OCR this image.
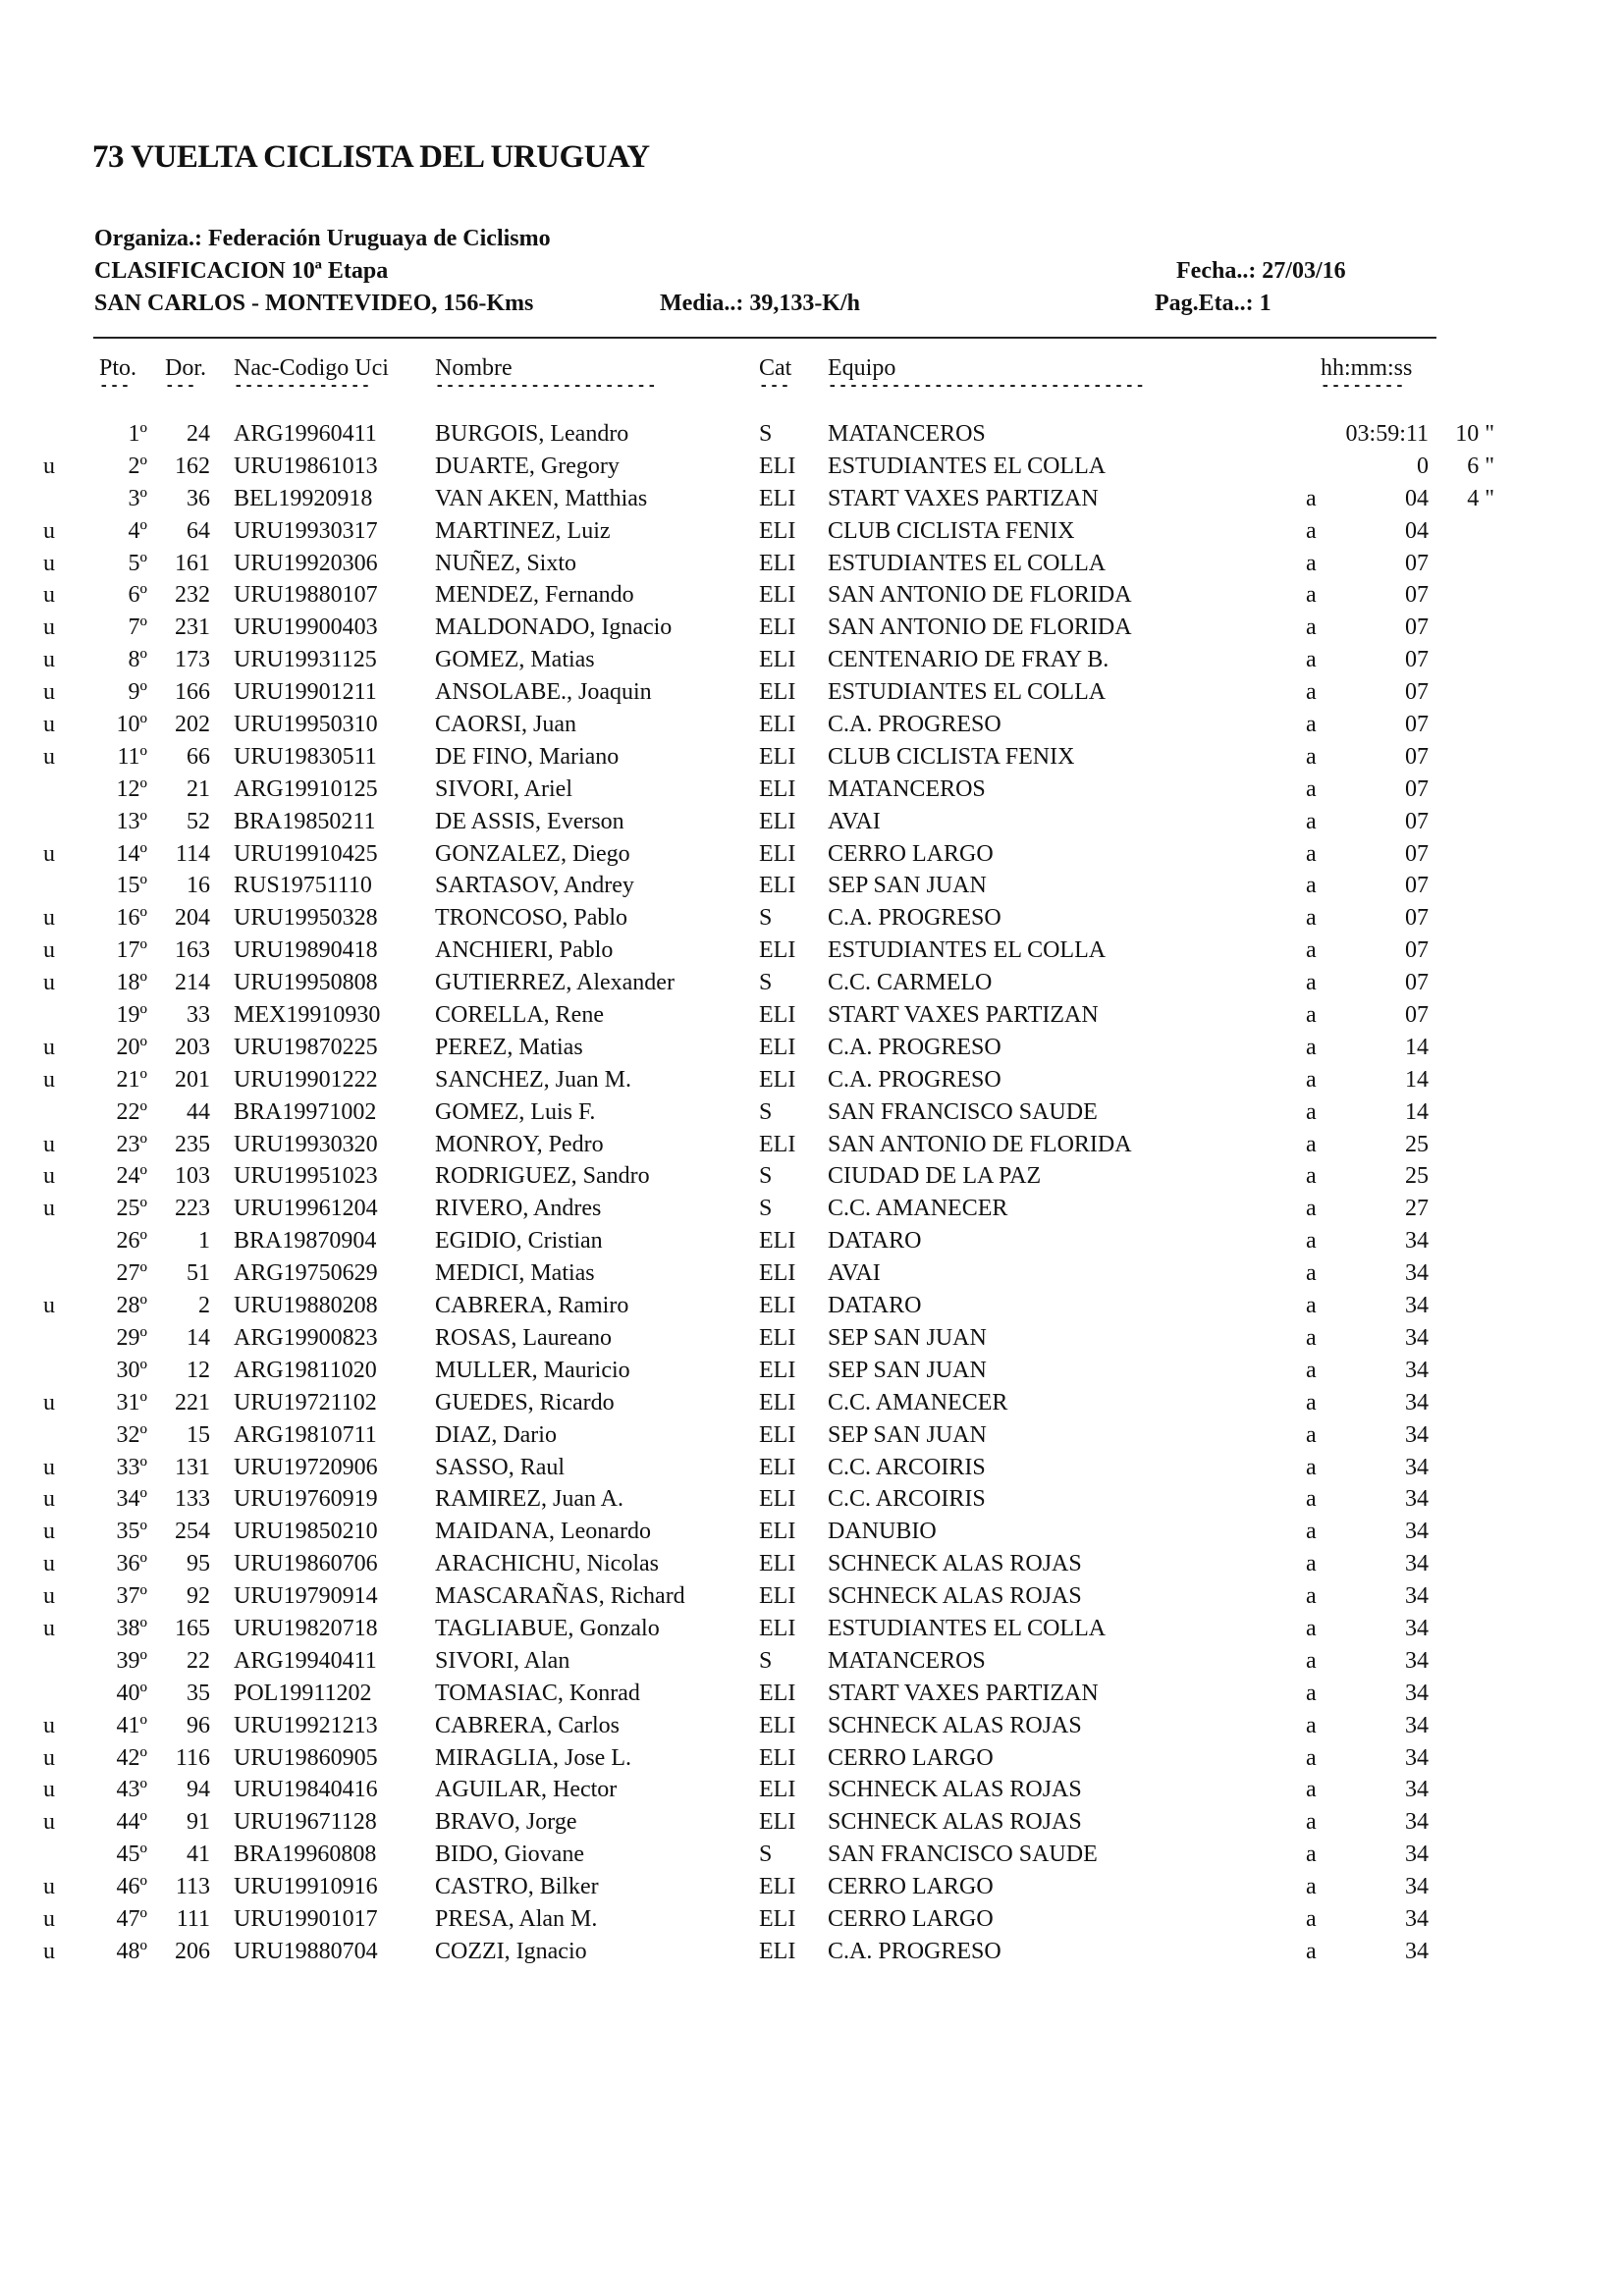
73 VUELTA CICLISTA DEL URUGUAY
Organiza.: Federación Uruguaya de Ciclismo
CLASIFICACION 10ª Etapa
SAN CARLOS - MONTEVIDEO, 156-Kms	Media..: 39,133-K/h
Fecha..: 27/03/16
Pag.Eta..: 1
Pto. Dor. Nac-Codigo Uci Nombre	Cat Equipo	hh:mm:ss
--- --- -------------	---------------------	--- ------------------------------	--------
1º 24 ARG19960411 BURGOIS, Leandro	S MATANCEROS	03:59:11 10 "
u	2º 162 URU19861013 DUARTE, Gregory	ELI ESTUDIANTES EL COLLA	0 6 "
3º 36 BEL19920918	VAN AKEN, Matthias	ELI START VAXES PARTIZAN	a	04 4 "
u	4º 64 URU19930317 MARTINEZ, Luiz	ELI CLUB CICLISTA FENIX	a	04
u	5º 161 URU19920306 NUÑEZ, Sixto	ELI ESTUDIANTES EL COLLA	a	07
u	6º 232 URU19880107 MENDEZ, Fernando	ELI SAN ANTONIO DE FLORIDA	a	07
u	7º 231 URU19900403 MALDONADO, Ignacio	ELI SAN ANTONIO DE FLORIDA	a	07
u	8º 173 URU19931125 GOMEZ, Matias	ELI CENTENARIO DE FRAY B.	a	07
u	9º 166 URU19901211 ANSOLABE., Joaquin	ELI ESTUDIANTES EL COLLA	a	07
u	10º 202 URU19950310 CAORSI, Juan	ELI C.A. PROGRESO	a	07
u	11º 66 URU19830511 DE FINO, Mariano	ELI CLUB CICLISTA FENIX	a	07
12º 21 ARG19910125 SIVORI, Ariel	ELI MATANCEROS	a	07
13º 52 BRA19850211	DE ASSIS, Everson	ELI AVAI	a	07
u	14º 114 URU19910425 GONZALEZ, Diego	ELI CERRO LARGO	a	07
15º 16 RUS19751110	SARTASOV, Andrey	ELI SEP SAN JUAN	a	07
u	16º 204 URU19950328 TRONCOSO, Pablo	S C.A. PROGRESO	a	07
u	17º 163 URU19890418 ANCHIERI, Pablo	ELI ESTUDIANTES EL COLLA	a	07
u	18º 214 URU19950808 GUTIERREZ, Alexander	S C.C. CARMELO	a	07
19º 33 MEX19910930 CORELLA, Rene	ELI START VAXES PARTIZAN	a	07
u	20º 203 URU19870225 PEREZ, Matias	ELI C.A. PROGRESO	a	14
u	21º 201 URU19901222 SANCHEZ, Juan M.	ELI C.A. PROGRESO	a	14
22º 44 BRA19971002 GOMEZ, Luis F.	S SAN FRANCISCO SAUDE	a	14
u	23º 235 URU19930320 MONROY, Pedro	ELI SAN ANTONIO DE FLORIDA	a	25
u	24º 103 URU19951023 RODRIGUEZ, Sandro	S CIUDAD DE LA PAZ	a	25
u	25º 223 URU19961204 RIVERO, Andres	S C.C. AMANECER	a	27
26º 1 BRA19870904 EGIDIO, Cristian	ELI DATARO	a	34
27º 51 ARG19750629 MEDICI, Matias	ELI AVAI	a	34
u	28º 2 URU19880208 CABRERA, Ramiro	ELI DATARO	a	34
29º 14 ARG19900823 ROSAS, Laureano	ELI SEP SAN JUAN	a	34
30º 12 ARG19811020 MULLER, Mauricio	ELI SEP SAN JUAN	a	34
u	31º 221 URU19721102 GUEDES, Ricardo	ELI C.C. AMANECER	a	34
32º 15 ARG19810711 DIAZ, Dario	ELI SEP SAN JUAN	a	34
u	33º 131 URU19720906 SASSO, Raul	ELI C.C. ARCOIRIS	a	34
u	34º 133 URU19760919 RAMIREZ, Juan A.	ELI C.C. ARCOIRIS	a	34
u	35º 254 URU19850210 MAIDANA, Leonardo	ELI DANUBIO	a	34
u	36º 95 URU19860706 ARACHICHU, Nicolas	ELI SCHNECK ALAS ROJAS	a	34
u	37º 92 URU19790914 MASCARAÑAS, Richard	ELI SCHNECK ALAS ROJAS	a	34
u	38º 165 URU19820718 TAGLIABUE, Gonzalo	ELI ESTUDIANTES EL COLLA	a	34
39º 22 ARG19940411 SIVORI, Alan	S MATANCEROS	a	34
40º 35 POL19911202	TOMASIAC, Konrad	ELI START VAXES PARTIZAN	a	34
u	41º 96 URU19921213 CABRERA, Carlos	ELI SCHNECK ALAS ROJAS	a	34
u	42º 116 URU19860905 MIRAGLIA, Jose L.	ELI CERRO LARGO	a	34
u	43º 94 URU19840416 AGUILAR, Hector	ELI SCHNECK ALAS ROJAS	a	34
u	44º 91 URU19671128 BRAVO, Jorge	ELI SCHNECK ALAS ROJAS	a	34
45º 41 BRA19960808 BIDO, Giovane	S SAN FRANCISCO SAUDE	a	34
u	46º 113 URU19910916 CASTRO, Bilker	ELI CERRO LARGO	a	34
u	47º 111 URU19901017 PRESA, Alan M.	ELI CERRO LARGO	a	34
u	48º 206 URU19880704 COZZI, Ignacio	ELI C.A. PROGRESO	a	34
